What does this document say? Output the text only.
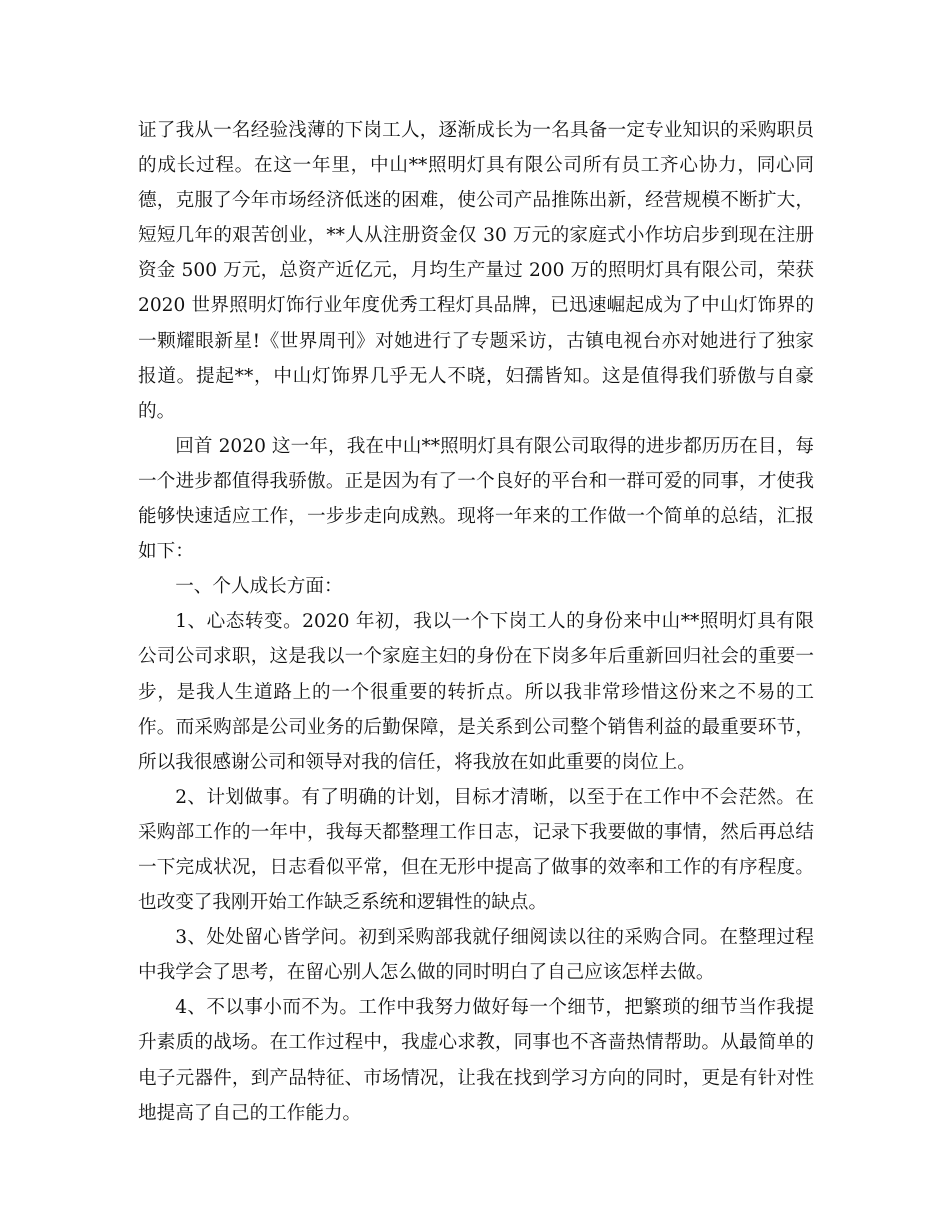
证了我从一名经验浅薄的下岗工人，逐渐成长为一名具备一定专业知识的采购职员的成长过程。在这一年里，中山**照明灯具有限公司所有员工齐心协力，同心同德，克服了今年市场经济低迷的困难，使公司产品推陈出新，经营规模不断扩大，短短几年的艰苦创业，**人从注册资金仅 30 万元的家庭式小作坊启步到现在注册资金 500 万元，总资产近亿元，月均生产量过 200 万的照明灯具有限公司，荣获 2020 世界照明灯饰行业年度优秀工程灯具品牌，已迅速崛起成为了中山灯饰界的一颗耀眼新星!《世界周刊》对她进行了专题采访，古镇电视台亦对她进行了独家报道。提起**，中山灯饰界几乎无人不晓，妇孺皆知。这是值得我们骄傲与自豪的。

回首 2020 这一年，我在中山**照明灯具有限公司取得的进步都历历在目，每一个进步都值得我骄傲。正是因为有了一个良好的平台和一群可爱的同事，才使我能够快速适应工作，一步步走向成熟。现将一年来的工作做一个简单的总结，汇报如下：

一、个人成长方面：

1、心态转变。2020 年初，我以一个下岗工人的身份来中山**照明灯具有限公司公司求职，这是我以一个家庭主妇的身份在下岗多年后重新回归社会的重要一步，是我人生道路上的一个很重要的转折点。所以我非常珍惜这份来之不易的工作。而采购部是公司业务的后勤保障，是关系到公司整个销售利益的最重要环节，所以我很感谢公司和领导对我的信任，将我放在如此重要的岗位上。

2、计划做事。有了明确的计划，目标才清晰，以至于在工作中不会茫然。在采购部工作的一年中，我每天都整理工作日志，记录下我要做的事情，然后再总结一下完成状况，日志看似平常，但在无形中提高了做事的效率和工作的有序程度。也改变了我刚开始工作缺乏系统和逻辑性的缺点。

3、处处留心皆学问。初到采购部我就仔细阅读以往的采购合同。在整理过程中我学会了思考，在留心别人怎么做的同时明白了自己应该怎样去做。

4、不以事小而不为。工作中我努力做好每一个细节，把繁琐的细节当作我提升素质的战场。在工作过程中，我虚心求教，同事也不吝啬热情帮助。从最简单的电子元器件，到产品特征、市场情况，让我在找到学习方向的同时，更是有针对性地提高了自己的工作能力。
